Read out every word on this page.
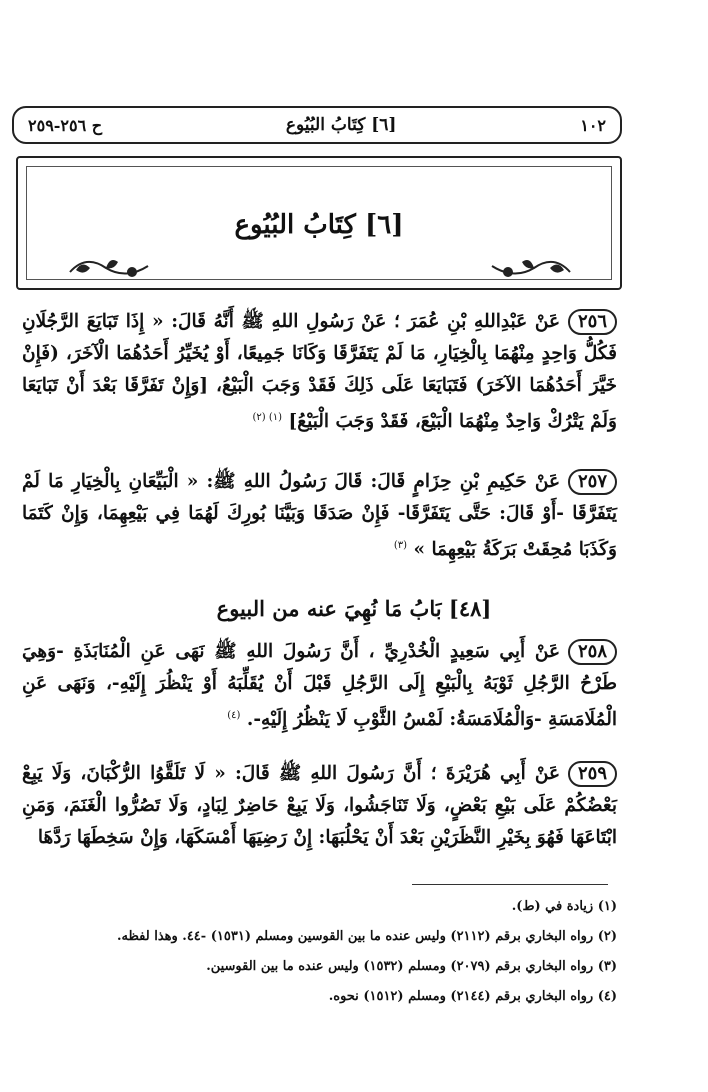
١٠٢
[٦] كِتَابُ البُيُوع
ح ٢٥٦-٢٥٩
[٦] كِتَابُ البُيُوع
٢٥٦عَنْ عَبْدِاللهِ بْنِ عُمَرَ ؛ عَنْ رَسُولِ اللهِ ﷺ أَنَّهُ قَالَ: « إِذَا تَبَايَعَ الرَّجُلَانِ فَكُلُّ وَاحِدٍ مِنْهُمَا بِالْخِيَارِ، مَا لَمْ يَتَفَرَّقَا وَكَانَا جَمِيعًا، أَوْ يُخَيِّرُ أَحَدُهُمَا الْآخَرَ، (فَإِنْ خَيَّرَ أَحَدُهُمَا الآخَرَ) فَتَبَايَعَا عَلَى ذَلِكَ فَقَدْ وَجَبَ الْبَيْعُ، [وَإِنْ تَفَرَّقَا بَعْدَ أَنْ تَبَايَعَا وَلَمْ يَتْرُكْ وَاحِدٌ مِنْهُمَا الْبَيْعَ، فَقَدْ وَجَبَ الْبَيْعُ] $^{(١) (٢)}$
٢٥٧عَنْ حَكِيمِ بْنِ حِزَامٍ قَالَ: قَالَ رَسُولُ اللهِ ﷺ: « الْبَيِّعَانِ بِالْخِيَارِ مَا لَمْ يَتَفَرَّقَا -أَوْ قَالَ: حَتَّى يَتَفَرَّقَا- فَإِنْ صَدَقَا وَبَيَّنَا بُورِكَ لَهُمَا فِي بَيْعِهِمَا، وَإِنْ كَتَمَا وَكَذَبَا مُحِقَتْ بَرَكَةُ بَيْعِهِمَا » $^{(٣)}$
[٤٨] بَابُ مَا نُهِيَ عنه من البيوع
٢٥٨عَنْ أَبِي سَعِيدٍ الْخُدْرِيِّ ، أَنَّ رَسُولَ اللهِ ﷺ نَهَى عَنِ الْمُنَابَذَةِ -وَهِيَ طَرْحُ الرَّجُلِ ثَوْبَهُ بِالْبَيْعِ إِلَى الرَّجُلِ قَبْلَ أَنْ يُقَلِّبَهُ أَوْ يَنْظُرَ إِلَيْهِ-، وَنَهَى عَنِ الْمُلَامَسَةِ -وَالْمُلَامَسَةُ: لَمْسُ الثَّوْبِ لَا يَنْظُرُ إِلَيْهِ-. $^{(٤)}$
٢٥٩عَنْ أَبِي هُرَيْرَةَ ؛ أَنَّ رَسُولَ اللهِ ﷺ قَالَ: « لَا تَلَقَّوُا الرُّكْبَانَ، وَلَا يَبِعْ بَعْضُكُمْ عَلَى بَيْعِ بَعْضٍ، وَلَا تَنَاجَشُوا، وَلَا يَبِعْ حَاضِرٌ لِبَادٍ، وَلَا تَصُرُّوا الْغَنَمَ، وَمَنِ ابْتَاعَهَا فَهُوَ بِخَيْرِ النَّظَرَيْنِ بَعْدَ أَنْ يَحْلُبَهَا: إِنْ رَضِيَهَا أَمْسَكَهَا، وَإِنْ سَخِطَهَا رَدَّهَا
(١) زيادة في (ط).
(٢) رواه البخاري برقم (٢١١٢) وليس عنده ما بين القوسين ومسلم (١٥٣١) -٤٤. وهذا لفظه.
(٣) رواه البخاري برقم (٢٠٧٩) ومسلم (١٥٣٢) وليس عنده ما بين القوسين.
(٤) رواه البخاري برقم (٢١٤٤) ومسلم (١٥١٢) نحوه.
